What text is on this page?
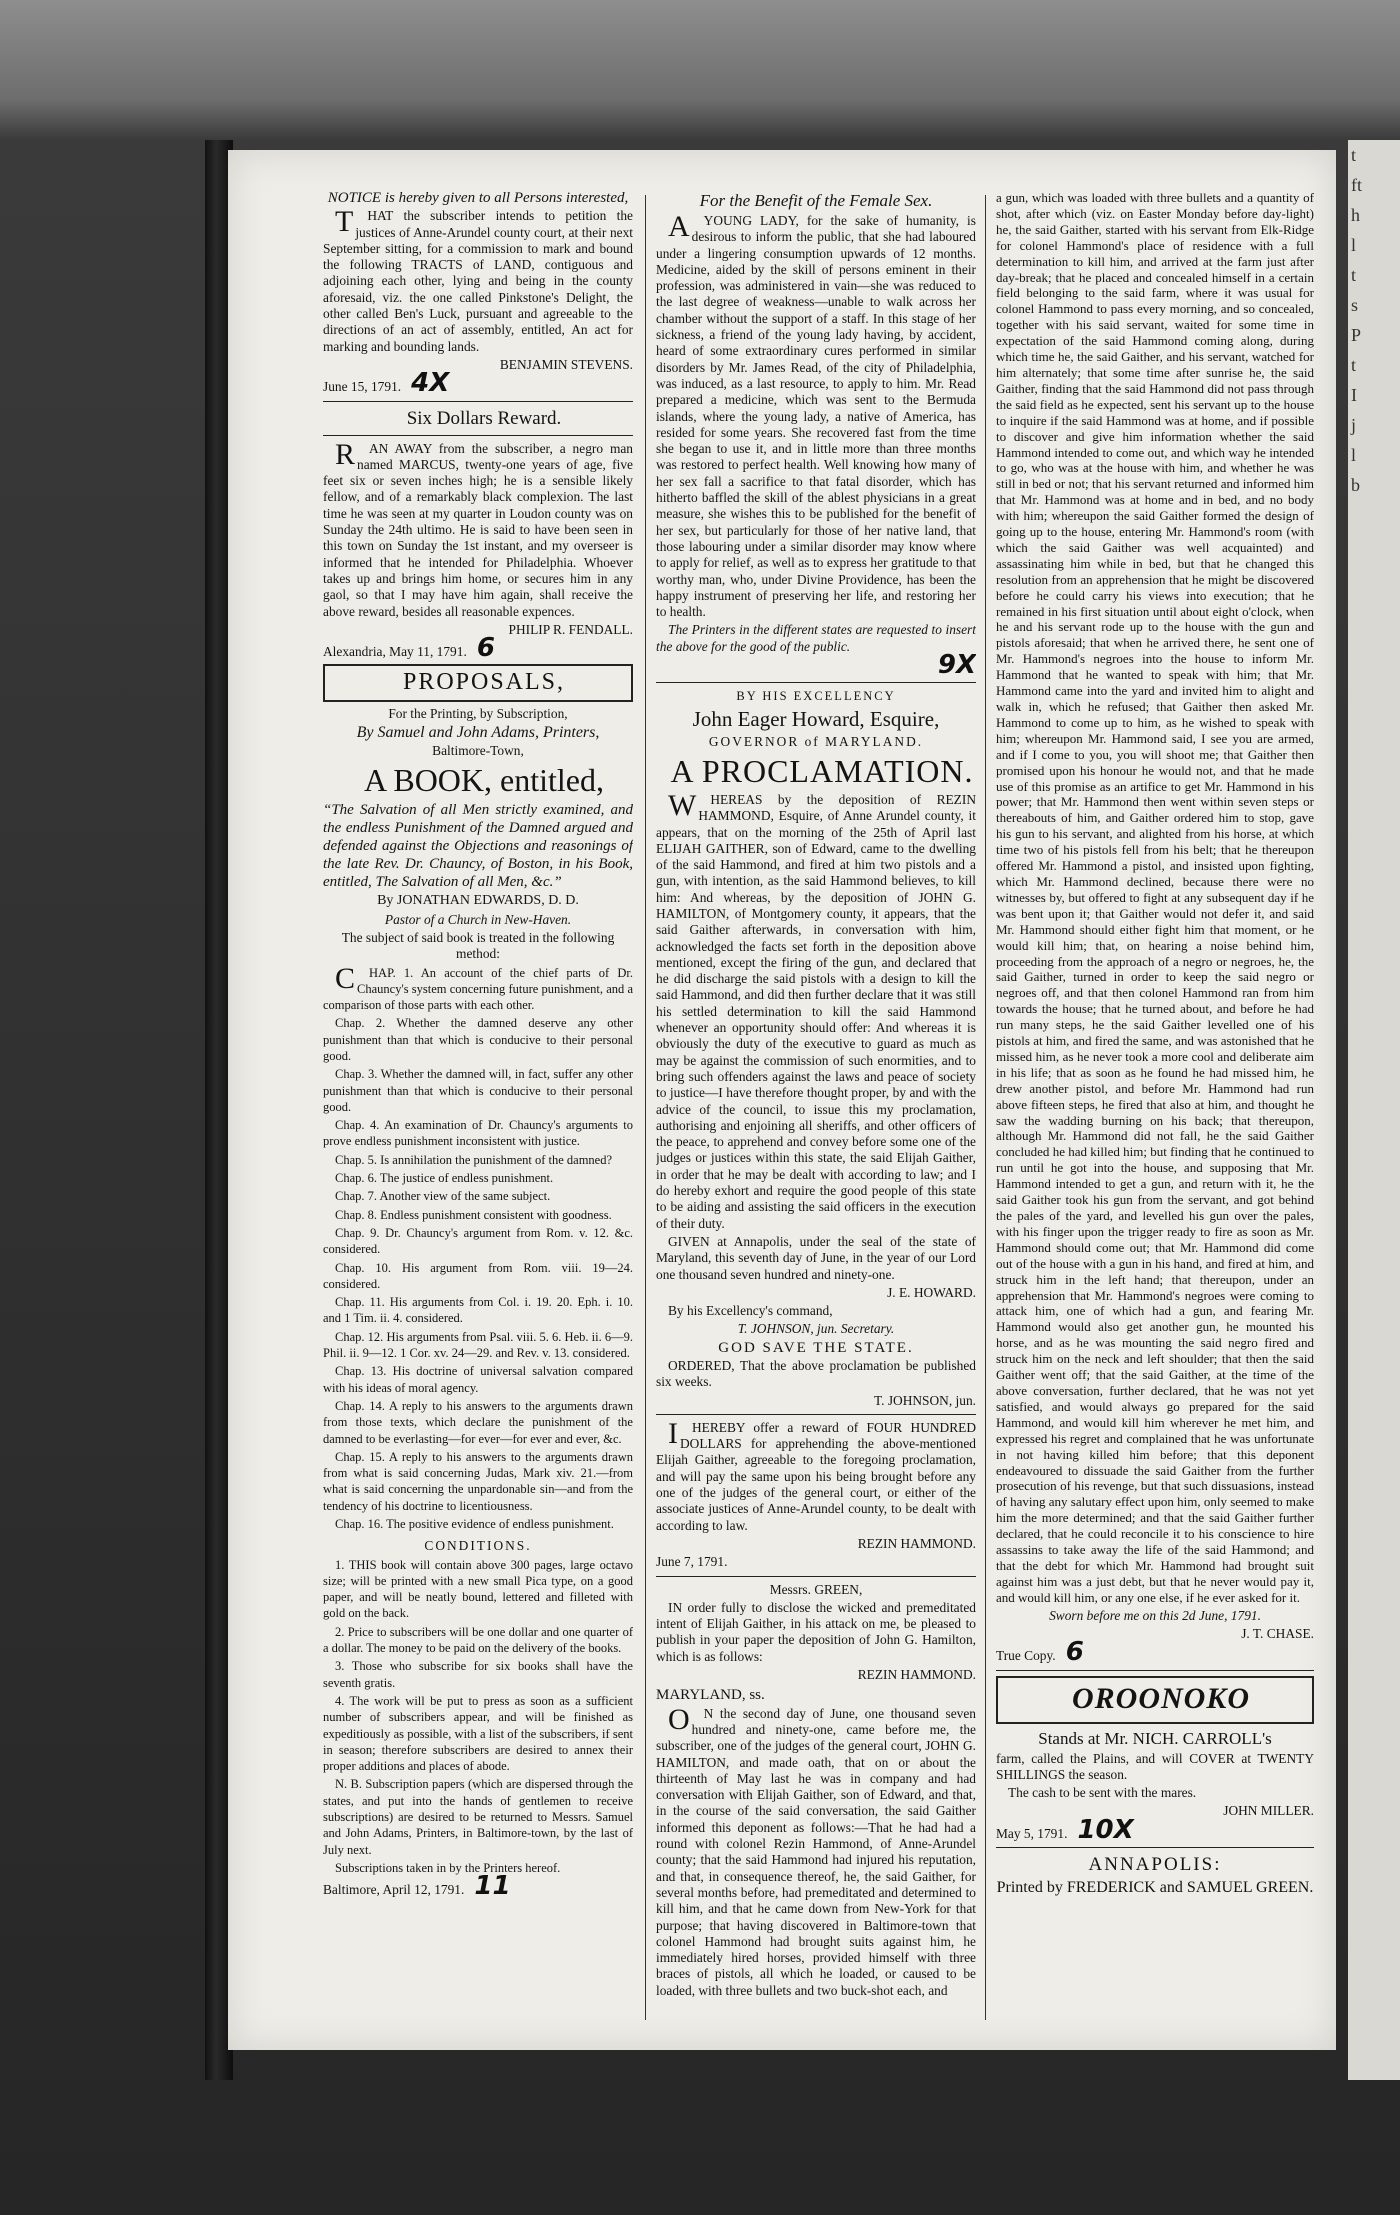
t
ft
h
l
t
s
P
t
I
j
l
b

NOTICE is hereby given to all Persons interested,

THAT the subscriber intends to petition the justices of Anne-Arundel county court, at their next September sitting, for a commission to mark and bound the following TRACTS of LAND, contiguous and adjoining each other, lying and being in the county aforesaid, viz. the one called Pinkstone's Delight, the other called Ben's Luck, pursuant and agreeable to the directions of an act of assembly, entitled, An act for marking and bounding lands.

BENJAMIN STEVENS.

June 15, 1791. 4X

Six Dollars Reward.

RAN AWAY from the subscriber, a negro man named MARCUS, twenty-one years of age, five feet six or seven inches high; he is a sensible likely fellow, and of a remarkably black complexion. The last time he was seen at my quarter in Loudon county was on Sunday the 24th ultimo. He is said to have been seen in this town on Sunday the 1st instant, and my overseer is informed that he intended for Philadelphia. Whoever takes up and brings him home, or secures him in any gaol, so that I may have him again, shall receive the above reward, besides all reasonable expences.

PHILIP R. FENDALL.

Alexandria, May 11, 1791. 6

PROPOSALS,

For the Printing, by Subscription,

By Samuel and John Adams, Printers,

Baltimore-Town,

A BOOK, entitled,

“The Salvation of all Men strictly examined, and the endless Punishment of the Damned argued and defended against the Objections and reasonings of the late Rev. Dr. Chauncy, of Boston, in his Book, entitled, The Salvation of all Men, &c.”

By JONATHAN EDWARDS, D. D.

Pastor of a Church in New-Haven.

The subject of said book is treated in the following method:

CHAP. 1. An account of the chief parts of Dr. Chauncy's system concerning future punishment, and a comparison of those parts with each other.

Chap. 2. Whether the damned deserve any other punishment than that which is conducive to their personal good.

Chap. 3. Whether the damned will, in fact, suffer any other punishment than that which is conducive to their personal good.

Chap. 4. An examination of Dr. Chauncy's arguments to prove endless punishment inconsistent with justice.

Chap. 5. Is annihilation the punishment of the damned?

Chap. 6. The justice of endless punishment.

Chap. 7. Another view of the same subject.

Chap. 8. Endless punishment consistent with goodness.

Chap. 9. Dr. Chauncy's argument from Rom. v. 12. &c. considered.

Chap. 10. His argument from Rom. viii. 19—24. considered.

Chap. 11. His arguments from Col. i. 19. 20. Eph. i. 10. and 1 Tim. ii. 4. considered.

Chap. 12. His arguments from Psal. viii. 5. 6. Heb. ii. 6—9. Phil. ii. 9—12. 1 Cor. xv. 24—29. and Rev. v. 13. considered.

Chap. 13. His doctrine of universal salvation compared with his ideas of moral agency.

Chap. 14. A reply to his answers to the arguments drawn from those texts, which declare the punishment of the damned to be everlasting—for ever—for ever and ever, &c.

Chap. 15. A reply to his answers to the arguments drawn from what is said concerning Judas, Mark xiv. 21.—from what is said concerning the unpardonable sin—and from the tendency of his doctrine to licentiousness.

Chap. 16. The positive evidence of endless punishment.

CONDITIONS.

1. THIS book will contain above 300 pages, large octavo size; will be printed with a new small Pica type, on a good paper, and will be neatly bound, lettered and filleted with gold on the back.

2. Price to subscribers will be one dollar and one quarter of a dollar. The money to be paid on the delivery of the books.

3. Those who subscribe for six books shall have the seventh gratis.

4. The work will be put to press as soon as a sufficient number of subscribers appear, and will be finished as expeditiously as possible, with a list of the subscribers, if sent in season; therefore subscribers are desired to annex their proper additions and places of abode.

N. B. Subscription papers (which are dispersed through the states, and put into the hands of gentlemen to receive subscriptions) are desired to be returned to Messrs. Samuel and John Adams, Printers, in Baltimore-town, by the last of July next.

Subscriptions taken in by the Printers hereof.

Baltimore, April 12, 1791. 11

For the Benefit of the Female Sex.

AYOUNG LADY, for the sake of humanity, is desirous to inform the public, that she had laboured under a lingering consumption upwards of 12 months. Medicine, aided by the skill of persons eminent in their profession, was administered in vain—she was reduced to the last degree of weakness—unable to walk across her chamber without the support of a staff. In this stage of her sickness, a friend of the young lady having, by accident, heard of some extraordinary cures performed in similar disorders by Mr. James Read, of the city of Philadelphia, was induced, as a last resource, to apply to him. Mr. Read prepared a medicine, which was sent to the Bermuda islands, where the young lady, a native of America, has resided for some years. She recovered fast from the time she began to use it, and in little more than three months was restored to perfect health. Well knowing how many of her sex fall a sacrifice to that fatal disorder, which has hitherto baffled the skill of the ablest physicians in a great measure, she wishes this to be published for the benefit of her sex, but particularly for those of her native land, that those labouring under a similar disorder may know where to apply for relief, as well as to express her gratitude to that worthy man, who, under Divine Providence, has been the happy instrument of preserving her life, and restoring her to health.

The Printers in the different states are requested to insert the above for the good of the public.

9X

BY HIS EXCELLENCY

John Eager Howard, Esquire,

GOVERNOR of MARYLAND.

A PROCLAMATION.

WHEREAS by the deposition of REZIN HAMMOND, Esquire, of Anne Arundel county, it appears, that on the morning of the 25th of April last ELIJAH GAITHER, son of Edward, came to the dwelling of the said Hammond, and fired at him two pistols and a gun, with intention, as the said Hammond believes, to kill him: And whereas, by the deposition of JOHN G. HAMILTON, of Montgomery county, it appears, that the said Gaither afterwards, in conversation with him, acknowledged the facts set forth in the deposition above mentioned, except the firing of the gun, and declared that he did discharge the said pistols with a design to kill the said Hammond, and did then further declare that it was still his settled determination to kill the said Hammond whenever an opportunity should offer: And whereas it is obviously the duty of the executive to guard as much as may be against the commission of such enormities, and to bring such offenders against the laws and peace of society to justice—I have therefore thought proper, by and with the advice of the council, to issue this my proclamation, authorising and enjoining all sheriffs, and other officers of the peace, to apprehend and convey before some one of the judges or justices within this state, the said Elijah Gaither, in order that he may be dealt with according to law; and I do hereby exhort and require the good people of this state to be aiding and assisting the said officers in the execution of their duty.

GIVEN at Annapolis, under the seal of the state of Maryland, this seventh day of June, in the year of our Lord one thousand seven hundred and ninety-one.

J. E. HOWARD.

By his Excellency's command,

T. JOHNSON, jun. Secretary.

GOD SAVE THE STATE.

ORDERED, That the above proclamation be published six weeks.

T. JOHNSON, jun.

IHEREBY offer a reward of FOUR HUNDRED DOLLARS for apprehending the above-mentioned Elijah Gaither, agreeable to the foregoing proclamation, and will pay the same upon his being brought before any one of the judges of the general court, or either of the associate justices of Anne-Arundel county, to be dealt with according to law.

REZIN HAMMOND.

June 7, 1791.

Messrs. GREEN,

IN order fully to disclose the wicked and premeditated intent of Elijah Gaither, in his attack on me, be pleased to publish in your paper the deposition of John G. Hamilton, which is as follows:

REZIN HAMMOND.

MARYLAND, ss.

ON the second day of June, one thousand seven hundred and ninety-one, came before me, the subscriber, one of the judges of the general court, JOHN G. HAMILTON, and made oath, that on or about the thirteenth of May last he was in company and had conversation with Elijah Gaither, son of Edward, and that, in the course of the said conversation, the said Gaither informed this deponent as follows:—That he had had a round with colonel Rezin Hammond, of Anne-Arundel county; that the said Hammond had injured his reputation, and that, in consequence thereof, he, the said Gaither, for several months before, had premeditated and determined to kill him, and that he came down from New-York for that purpose; that having discovered in Baltimore-town that colonel Hammond had brought suits against him, he immediately hired horses, provided himself with three braces of pistols, all which he loaded, or caused to be loaded, with three bullets and two buck-shot each, and

a gun, which was loaded with three bullets and a quantity of shot, after which (viz. on Easter Monday before day-light) he, the said Gaither, started with his servant from Elk-Ridge for colonel Hammond's place of residence with a full determination to kill him, and arrived at the farm just after day-break; that he placed and concealed himself in a certain field belonging to the said farm, where it was usual for colonel Hammond to pass every morning, and so concealed, together with his said servant, waited for some time in expectation of the said Hammond coming along, during which time he, the said Gaither, and his servant, watched for him alternately; that some time after sunrise he, the said Gaither, finding that the said Hammond did not pass through the said field as he expected, sent his servant up to the house to inquire if the said Hammond was at home, and if possible to discover and give him information whether the said Hammond intended to come out, and which way he intended to go, who was at the house with him, and whether he was still in bed or not; that his servant returned and informed him that Mr. Hammond was at home and in bed, and no body with him; whereupon the said Gaither formed the design of going up to the house, entering Mr. Hammond's room (with which the said Gaither was well acquainted) and assassinating him while in bed, but that he changed this resolution from an apprehension that he might be discovered before he could carry his views into execution; that he remained in his first situation until about eight o'clock, when he and his servant rode up to the house with the gun and pistols aforesaid; that when he arrived there, he sent one of Mr. Hammond's negroes into the house to inform Mr. Hammond that he wanted to speak with him; that Mr. Hammond came into the yard and invited him to alight and walk in, which he refused; that Gaither then asked Mr. Hammond to come up to him, as he wished to speak with him; whereupon Mr. Hammond said, I see you are armed, and if I come to you, you will shoot me; that Gaither then promised upon his honour he would not, and that he made use of this promise as an artifice to get Mr. Hammond in his power; that Mr. Hammond then went within seven steps or thereabouts of him, and Gaither ordered him to stop, gave his gun to his servant, and alighted from his horse, at which time two of his pistols fell from his belt; that he thereupon offered Mr. Hammond a pistol, and insisted upon fighting, which Mr. Hammond declined, because there were no witnesses by, but offered to fight at any subsequent day if he was bent upon it; that Gaither would not defer it, and said Mr. Hammond should either fight him that moment, or he would kill him; that, on hearing a noise behind him, proceeding from the approach of a negro or negroes, he, the said Gaither, turned in order to keep the said negro or negroes off, and that then colonel Hammond ran from him towards the house; that he turned about, and before he had run many steps, he the said Gaither levelled one of his pistols at him, and fired the same, and was astonished that he missed him, as he never took a more cool and deliberate aim in his life; that as soon as he found he had missed him, he drew another pistol, and before Mr. Hammond had run above fifteen steps, he fired that also at him, and thought he saw the wadding burning on his back; that thereupon, although Mr. Hammond did not fall, he the said Gaither concluded he had killed him; but finding that he continued to run until he got into the house, and supposing that Mr. Hammond intended to get a gun, and return with it, he the said Gaither took his gun from the servant, and got behind the pales of the yard, and levelled his gun over the pales, with his finger upon the trigger ready to fire as soon as Mr. Hammond should come out; that Mr. Hammond did come out of the house with a gun in his hand, and fired at him, and struck him in the left hand; that thereupon, under an apprehension that Mr. Hammond's negroes were coming to attack him, one of which had a gun, and fearing Mr. Hammond would also get another gun, he mounted his horse, and as he was mounting the said negro fired and struck him on the neck and left shoulder; that then the said Gaither went off; that the said Gaither, at the time of the above conversation, further declared, that he was not yet satisfied, and would always go prepared for the said Hammond, and would kill him wherever he met him, and expressed his regret and complained that he was unfortunate in not having killed him before; that this deponent endeavoured to dissuade the said Gaither from the further prosecution of his revenge, but that such dissuasions, instead of having any salutary effect upon him, only seemed to make him the more determined; and that the said Gaither further declared, that he could reconcile it to his conscience to hire assassins to take away the life of the said Hammond; and that the debt for which Mr. Hammond had brought suit against him was a just debt, but that he never would pay it, and would kill him, or any one else, if he ever asked for it.

Sworn before me on this 2d June, 1791.

J. T. CHASE.

True Copy. 6

OROONOKO

Stands at Mr. NICH. CARROLL's

farm, called the Plains, and will COVER at TWENTY SHILLINGS the season.

The cash to be sent with the mares.

JOHN MILLER.

May 5, 1791. 10X

ANNAPOLIS:

Printed by FREDERICK and SAMUEL GREEN.
